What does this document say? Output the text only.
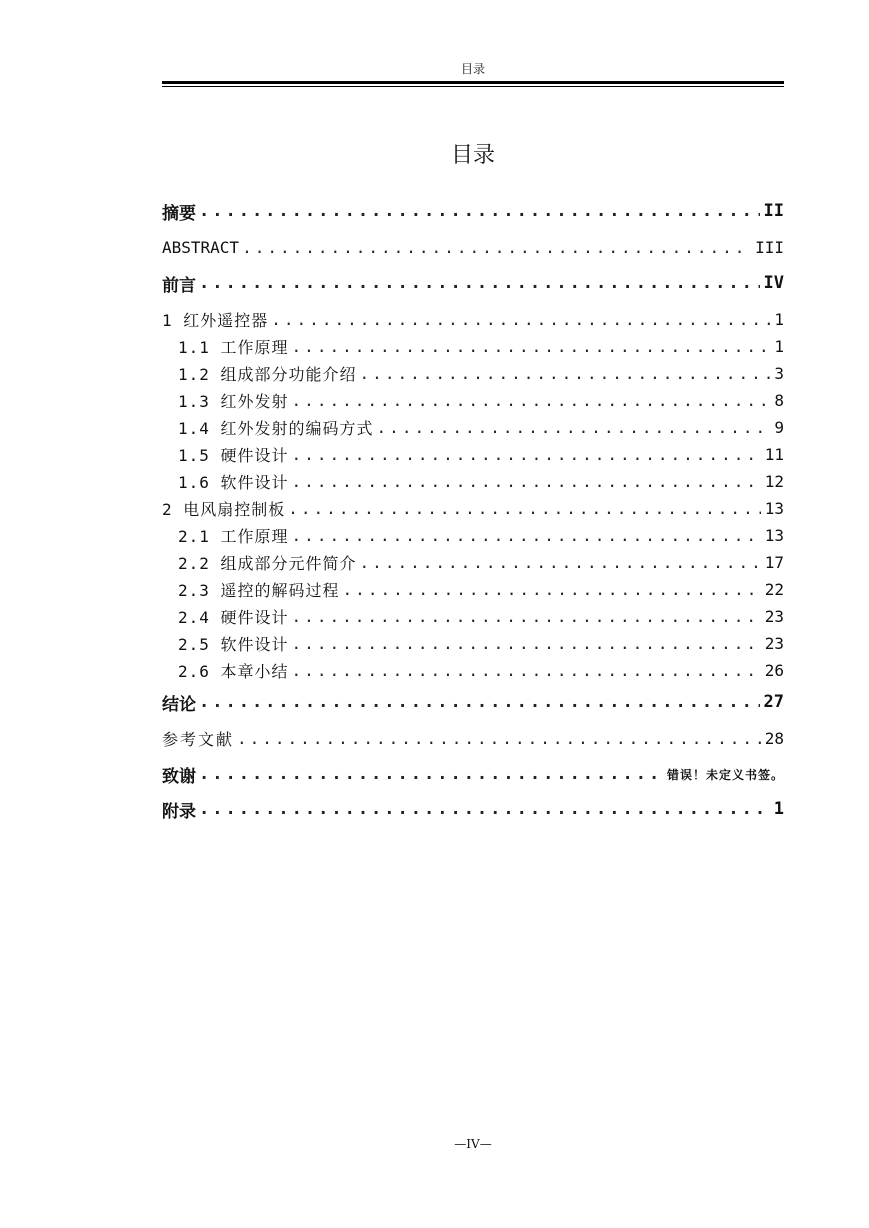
目录
目录
摘要 .....	II
ABSTRACT .....	III
前言 .....	IV
1 红外遥控器 .....	1
1.1 工作原理 .....	1
1.2 组成部分功能介绍 .....	3
1.3 红外发射 .....	8
1.4 红外发射的编码方式 .....	9
1.5 硬件设计 .....	11
1.6 软件设计 .....	12
2 电风扇控制板 .....	13
2.1 工作原理 .....	13
2.2 组成部分元件简介 .....	17
2.3 遥控的解码过程 .....	22
2.4 硬件设计 .....	23
2.5 软件设计 .....	23
2.6 本章小结 .....	26
结论 .....	27
参考文献 .....	28
致谢 .....	错误！未定义书签。
附录 .....	1
—IV—
